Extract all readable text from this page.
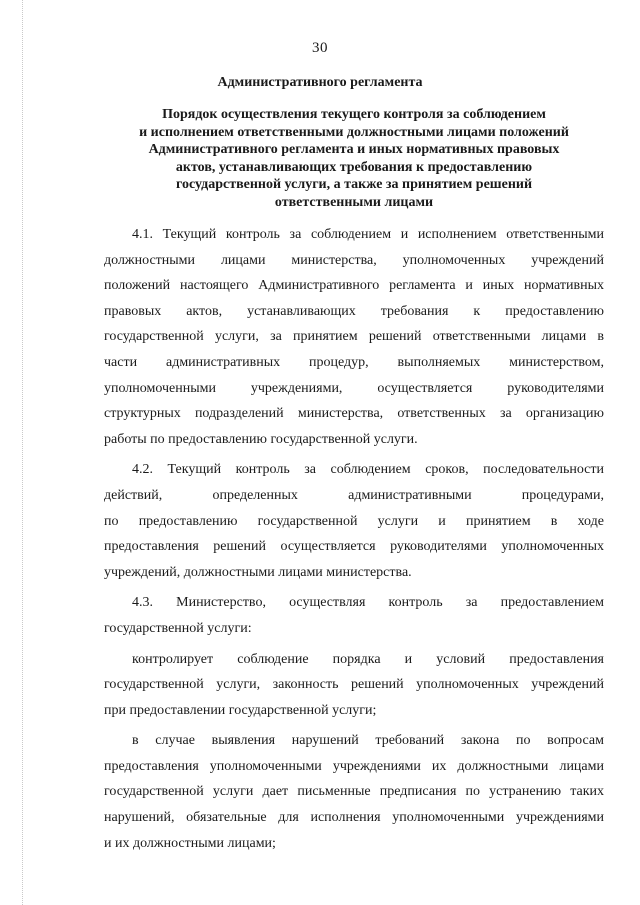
30
Административного регламента
Порядок осуществления текущего контроля за соблюдением
и исполнением ответственными должностными лицами положений
Административного регламента и иных нормативных правовых
актов, устанавливающих требования к предоставлению
государственной услуги, а также за принятием решений
ответственными лицами
4.1. Текущий контроль за соблюдением и исполнением ответственными
должностными лицами министерства, уполномоченных учреждений
положений настоящего Административного регламента и иных нормативных
правовых актов, устанавливающих требования к предоставлению
государственной услуги, за принятием решений ответственными лицами в
части административных процедур, выполняемых министерством,
уполномоченными учреждениями, осуществляется руководителями
структурных подразделений министерства, ответственных за организацию
работы по предоставлению государственной услуги.
4.2. Текущий контроль за соблюдением сроков, последовательности
действий, определенных административными процедурами,
по предоставлению государственной услуги и принятием в ходе
предоставления решений осуществляется руководителями уполномоченных
учреждений, должностными лицами министерства.
4.3. Министерство, осуществляя контроль за предоставлением
государственной услуги:
контролирует соблюдение порядка и условий предоставления
государственной услуги, законность решений уполномоченных учреждений
при предоставлении государственной услуги;
в случае выявления нарушений требований закона по вопросам
предоставления уполномоченными учреждениями их должностными лицами
государственной услуги дает письменные предписания по устранению таких
нарушений, обязательные для исполнения уполномоченными учреждениями
и их должностными лицами;
